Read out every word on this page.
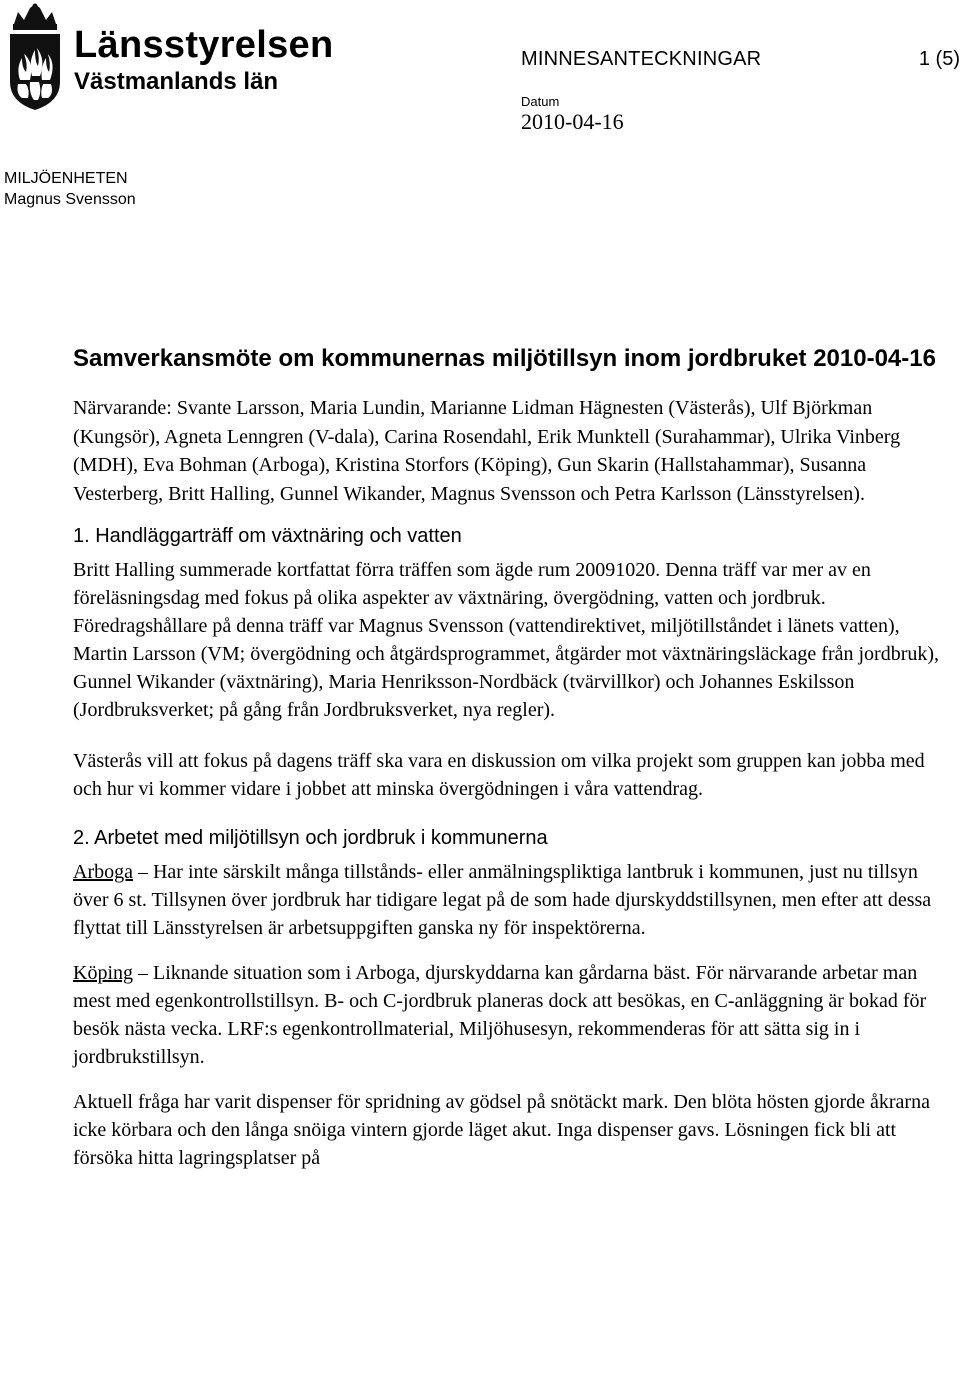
Länsstyrelsen
Västmanlands län
MINNESANTECKNINGAR	1 (5)
Datum
2010-04-16
MILJÖENHETEN
Magnus Svensson
Samverkansmöte om kommunernas miljötillsyn inom jordbruket 2010-04-16

Närvarande: Svante Larsson, Maria Lundin, Marianne Lidman Hägnesten (Västerås), Ulf Björkman (Kungsör), Agneta Lenngren (V-dala), Carina Rosendahl, Erik Munktell (Surahammar), Ulrika Vinberg (MDH), Eva Bohman (Arboga), Kristina Storfors (Köping), Gun Skarin (Hallstahammar), Susanna Vesterberg, Britt Halling, Gunnel Wikander, Magnus Svensson och Petra Karlsson (Länsstyrelsen).

1. Handläggarträff om växtnäring och vatten

Britt Halling summerade kortfattat förra träffen som ägde rum 20091020. Denna träff var mer av en föreläsningsdag med fokus på olika aspekter av växtnäring, övergödning, vatten och jordbruk. Föredragshållare på denna träff var Magnus Svensson (vattendirektivet, miljötillståndet i länets vatten), Martin Larsson (VM; övergödning och åtgärdsprogrammet, åtgärder mot växtnäringsläckage från jordbruk), Gunnel Wikander (växtnäring), Maria Henriksson-Nordbäck (tvärvillkor) och Johannes Eskilsson (Jordbruksverket; på gång från Jordbruksverket, nya regler).

Västerås vill att fokus på dagens träff ska vara en diskussion om vilka projekt som gruppen kan jobba med och hur vi kommer vidare i jobbet att minska övergödningen i våra vattendrag.

2. Arbetet med miljötillsyn och jordbruk i kommunerna

Arboga – Har inte särskilt många tillstånds- eller anmälningspliktiga lantbruk i kommunen, just nu tillsyn över 6 st. Tillsynen över jordbruk har tidigare legat på de som hade djurskyddstillsynen, men efter att dessa flyttat till Länsstyrelsen är arbetsuppgiften ganska ny för inspektörerna.

Köping – Liknande situation som i Arboga, djurskyddarna kan gårdarna bäst. För närvarande arbetar man mest med egenkontrollstillsyn. B- och C-jordbruk planeras dock att besökas, en C-anläggning är bokad för besök nästa vecka. LRF:s egenkontrollmaterial, Miljöhusesyn, rekommenderas för att sätta sig in i jordbrukstillsyn.

Aktuell fråga har varit dispenser för spridning av gödsel på snötäckt mark. Den blöta hösten gjorde åkrarna icke körbara och den långa snöiga vintern gjorde läget akut. Inga dispenser gavs. Lösningen fick bli att försöka hitta lagringsplatser på
